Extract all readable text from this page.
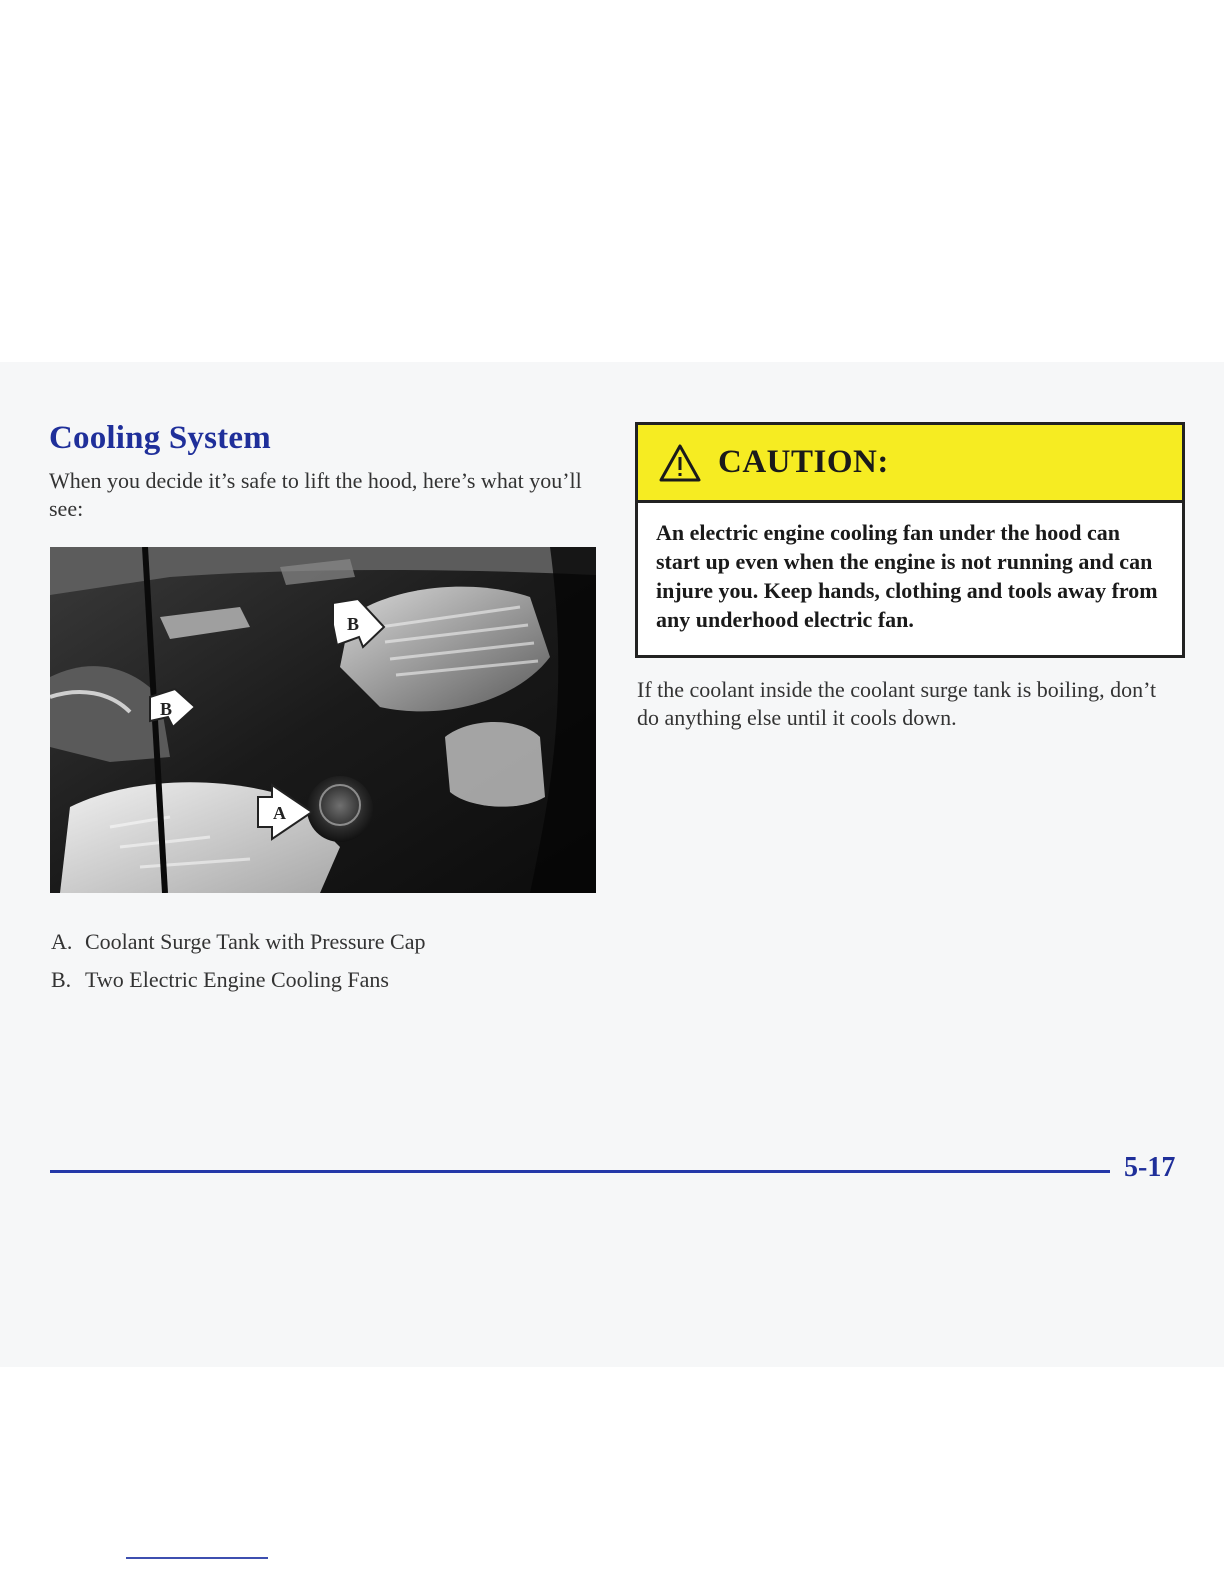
Cooling System

When you decide it’s safe to lift the hood, here’s what you’ll see:

B
B
A
A. Coolant Surge Tank with Pressure Cap
B. Two Electric Engine Cooling Fans
CAUTION:

An electric engine cooling fan under the hood can start up even when the engine is not running and can injure you. Keep hands, clothing and tools away from any underhood electric fan.

If the coolant inside the coolant surge tank is boiling, don’t do anything else until it cools down.

5-17
